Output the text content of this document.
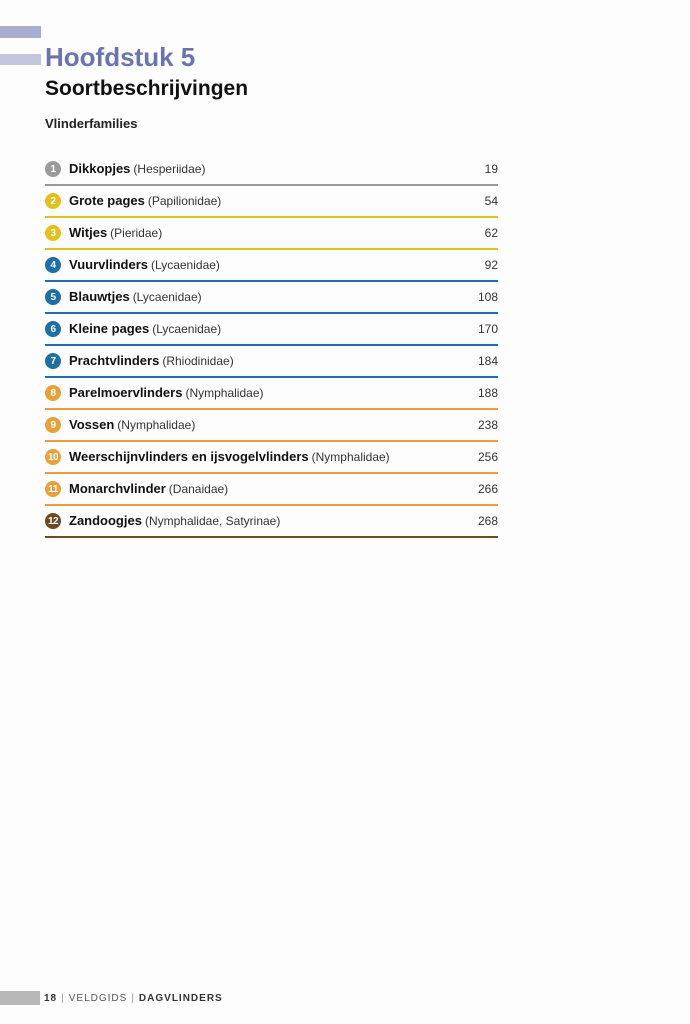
Hoofdstuk 5
Soortbeschrijvingen
Vlinderfamilies
1	Dikkopjes (Hesperiidae)	19
2	Grote pages (Papilionidae)	54
3	Witjes (Pieridae)	62
4	Vuurvlinders (Lycaenidae)	92
5	Blauwtjes (Lycaenidae)	108
6	Kleine pages (Lycaenidae)	170
7	Prachtvlinders (Rhiodinidae)	184
8	Parelmoervlinders (Nymphalidae)	188
9	Vossen (Nymphalidae)	238
10 Weerschijnvlinders en ijsvogelvlinders (Nymphalidae)	256
11 Monarchvlinder (Danaidae)	266
12 Zandoogjes (Nymphalidae, Satyrinae)	268
18 | VELDGIDS | DAGVLINDERS
